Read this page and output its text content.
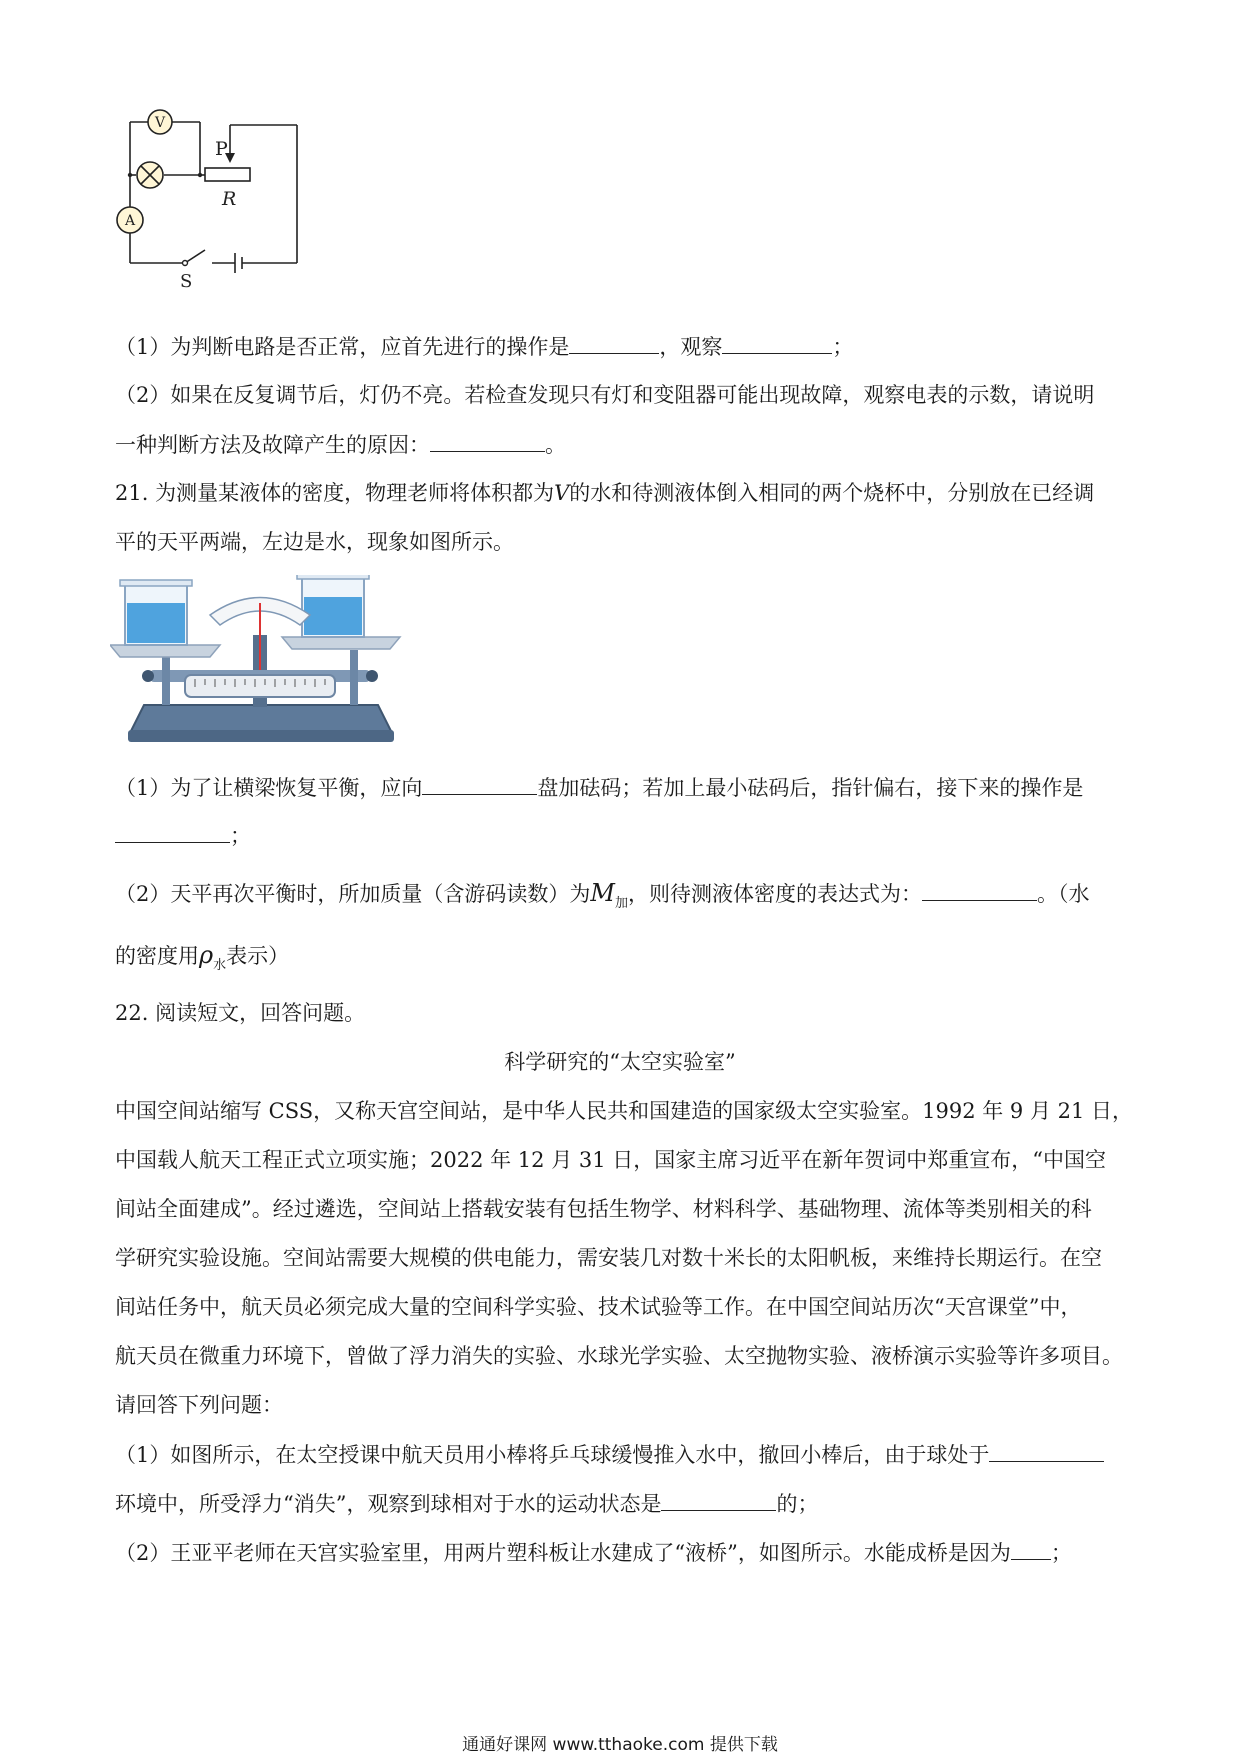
V
A
P
R
S
（1）为判断电路是否正常，应首先进行的操作是	，观察	；
（2）如果在反复调节后，灯仍不亮。若检查发现只有灯和变阻器可能出现故障，观察电表的示数，请说明
一种判断方法及故障产生的原因：	。
21. 为测量某液体的密度，物理老师将体积都为V的水和待测液体倒入相同的两个烧杯中，分别放在已经调
平的天平两端，左边是水，现象如图所示。
（1）为了让横梁恢复平衡，应向	盘加砝码；若加上最小砝码后，指针偏右，接下来的操作是
；
（2）天平再次平衡时，所加质量（含游码读数）为$M_加$，则待测液体密度的表达式为：	。（水
的密度用$\rho_水$表示）
22. 阅读短文，回答问题。
科学研究的“太空实验室”
中国空间站缩写 CSS，又称天宫空间站，是中华人民共和国建造的国家级太空实验室。1992 年 9 月 21 日，
中国载人航天工程正式立项实施；2022 年 12 月 31 日，国家主席习近平在新年贺词中郑重宣布，“中国空
间站全面建成”。经过遴选，空间站上搭载安装有包括生物学、材料科学、基础物理、流体等类别相关的科
学研究实验设施。空间站需要大规模的供电能力，需安装几对数十米长的太阳帆板，来维持长期运行。在空
间站任务中，航天员必须完成大量的空间科学实验、技术试验等工作。在中国空间站历次“天宫课堂”中，
航天员在微重力环境下，曾做了浮力消失的实验、水球光学实验、太空抛物实验、液桥演示实验等许多项目。
请回答下列问题：
（1）如图所示，在太空授课中航天员用小棒将乒乓球缓慢推入水中，撤回小棒后，由于球处于
环境中，所受浮力“消失”，观察到球相对于水的运动状态是	的；
（2）王亚平老师在天宫实验室里，用两片塑科板让水建成了“液桥”，如图所示。水能成桥是因为 ；
通通好课网 www.tthaoke.com 提供下载
